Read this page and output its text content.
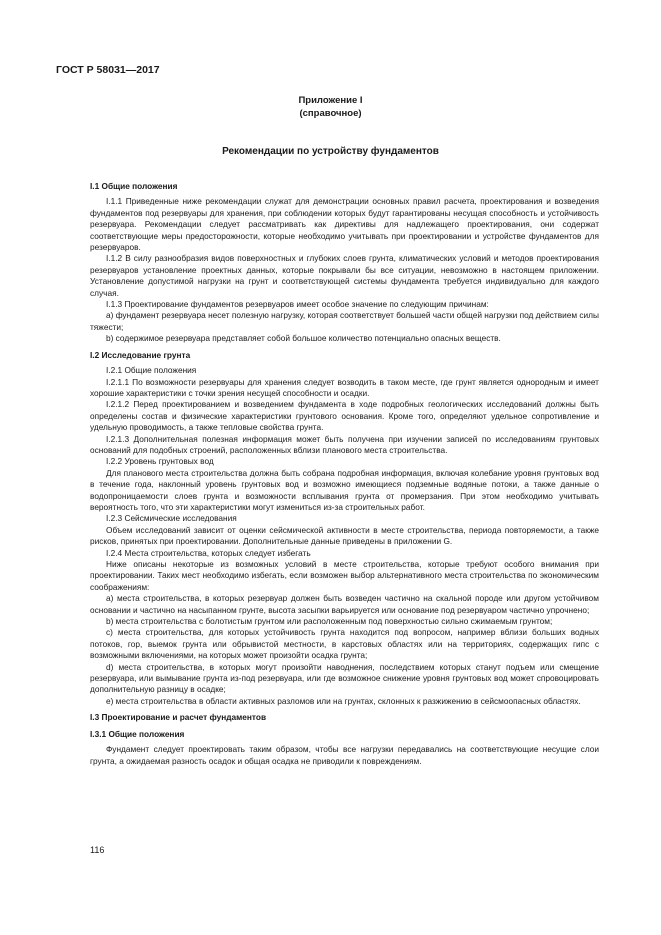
ГОСТ Р 58031—2017
Приложение I
(справочное)
Рекомендации по устройству фундаментов
I.1 Общие положения

I.1.1 Приведенные ниже рекомендации служат для демонстрации основных правил расчета, проектирования и возведения фундаментов под резервуары для хранения, при соблюдении которых будут гарантированы несущая способность и устойчивость резервуара. Рекомендации следует рассматривать как директивы для надлежащего проектирования, они содержат соответствующие меры предосторожности, которые необходимо учитывать при проектировании и устройстве фундаментов для резервуаров.

I.1.2 В силу разнообразия видов поверхностных и глубоких слоев грунта, климатических условий и методов проектирования резервуаров установление проектных данных, которые покрывали бы все ситуации, невозможно в настоящем приложении. Установление допустимой нагрузки на грунт и соответствующей системы фундамента требуется индивидуально для каждого случая.

I.1.3 Проектирование фундаментов резервуаров имеет особое значение по следующим причинам:

а) фундамент резервуара несет полезную нагрузку, которая соответствует большей части общей нагрузки под действием силы тяжести;

b) содержимое резервуара представляет собой большое количество потенциально опасных веществ.

I.2 Исследование грунта

I.2.1 Общие положения

I.2.1.1 По возможности резервуары для хранения следует возводить в таком месте, где грунт является однородным и имеет хорошие характеристики с точки зрения несущей способности и осадки.

I.2.1.2 Перед проектированием и возведением фундамента в ходе подробных геологических исследований должны быть определены состав и физические характеристики грунтового основания. Кроме того, определяют удельное сопротивление и удельную проводимость, а также тепловые свойства грунта.

I.2.1.3 Дополнительная полезная информация может быть получена при изучении записей по исследованиям грунтовых оснований для подобных строений, расположенных вблизи планового места строительства.

I.2.2 Уровень грунтовых вод

Для планового места строительства должна быть собрана подробная информация, включая колебание уровня грунтовых вод в течение года, наклонный уровень грунтовых вод и возможно имеющиеся подземные водяные потоки, а также данные о водопроницаемости слоев грунта и возможности всплывания грунта от промерзания. При этом необходимо учитывать вероятность того, что эти характеристики могут измениться из-за строительных работ.

I.2.3 Сейсмические исследования

Объем исследований зависит от оценки сейсмической активности в месте строительства, периода повторяемости, а также рисков, принятых при проектировании. Дополнительные данные приведены в приложении G.

I.2.4 Места строительства, которых следует избегать

Ниже описаны некоторые из возможных условий в месте строительства, которые требуют особого внимания при проектировании. Таких мест необходимо избегать, если возможен выбор альтернативного места строительства по экономическим соображениям:

а) места строительства, в которых резервуар должен быть возведен частично на скальной породе или другом устойчивом основании и частично на насыпанном грунте, высота засыпки варьируется или основание под резервуаром частично упрочнено;

b) места строительства с болотистым грунтом или расположенным под поверхностью сильно сжимаемым грунтом;

с) места строительства, для которых устойчивость грунта находится под вопросом, например вблизи больших водных потоков, гор, выемок грунта или обрывистой местности, в карстовых областях или на территориях, содержащих гипс с возможными включениями, на которых может произойти осадка грунта;

d) места строительства, в которых могут произойти наводнения, последствием которых станут подъем или смещение резервуара, или вымывание грунта из-под резервуара, или где возможное снижение уровня грунтовых вод может спровоцировать дополнительную разницу в осадке;

е) места строительства в области активных разломов или на грунтах, склонных к разжижению в сейсмоопасных областях.

I.3 Проектирование и расчет фундаментов
I.3.1 Общие положения

Фундамент следует проектировать таким образом, чтобы все нагрузки передавались на соответствующие несущие слои грунта, а ожидаемая разность осадок и общая осадка не приводили к повреждениям.

116
